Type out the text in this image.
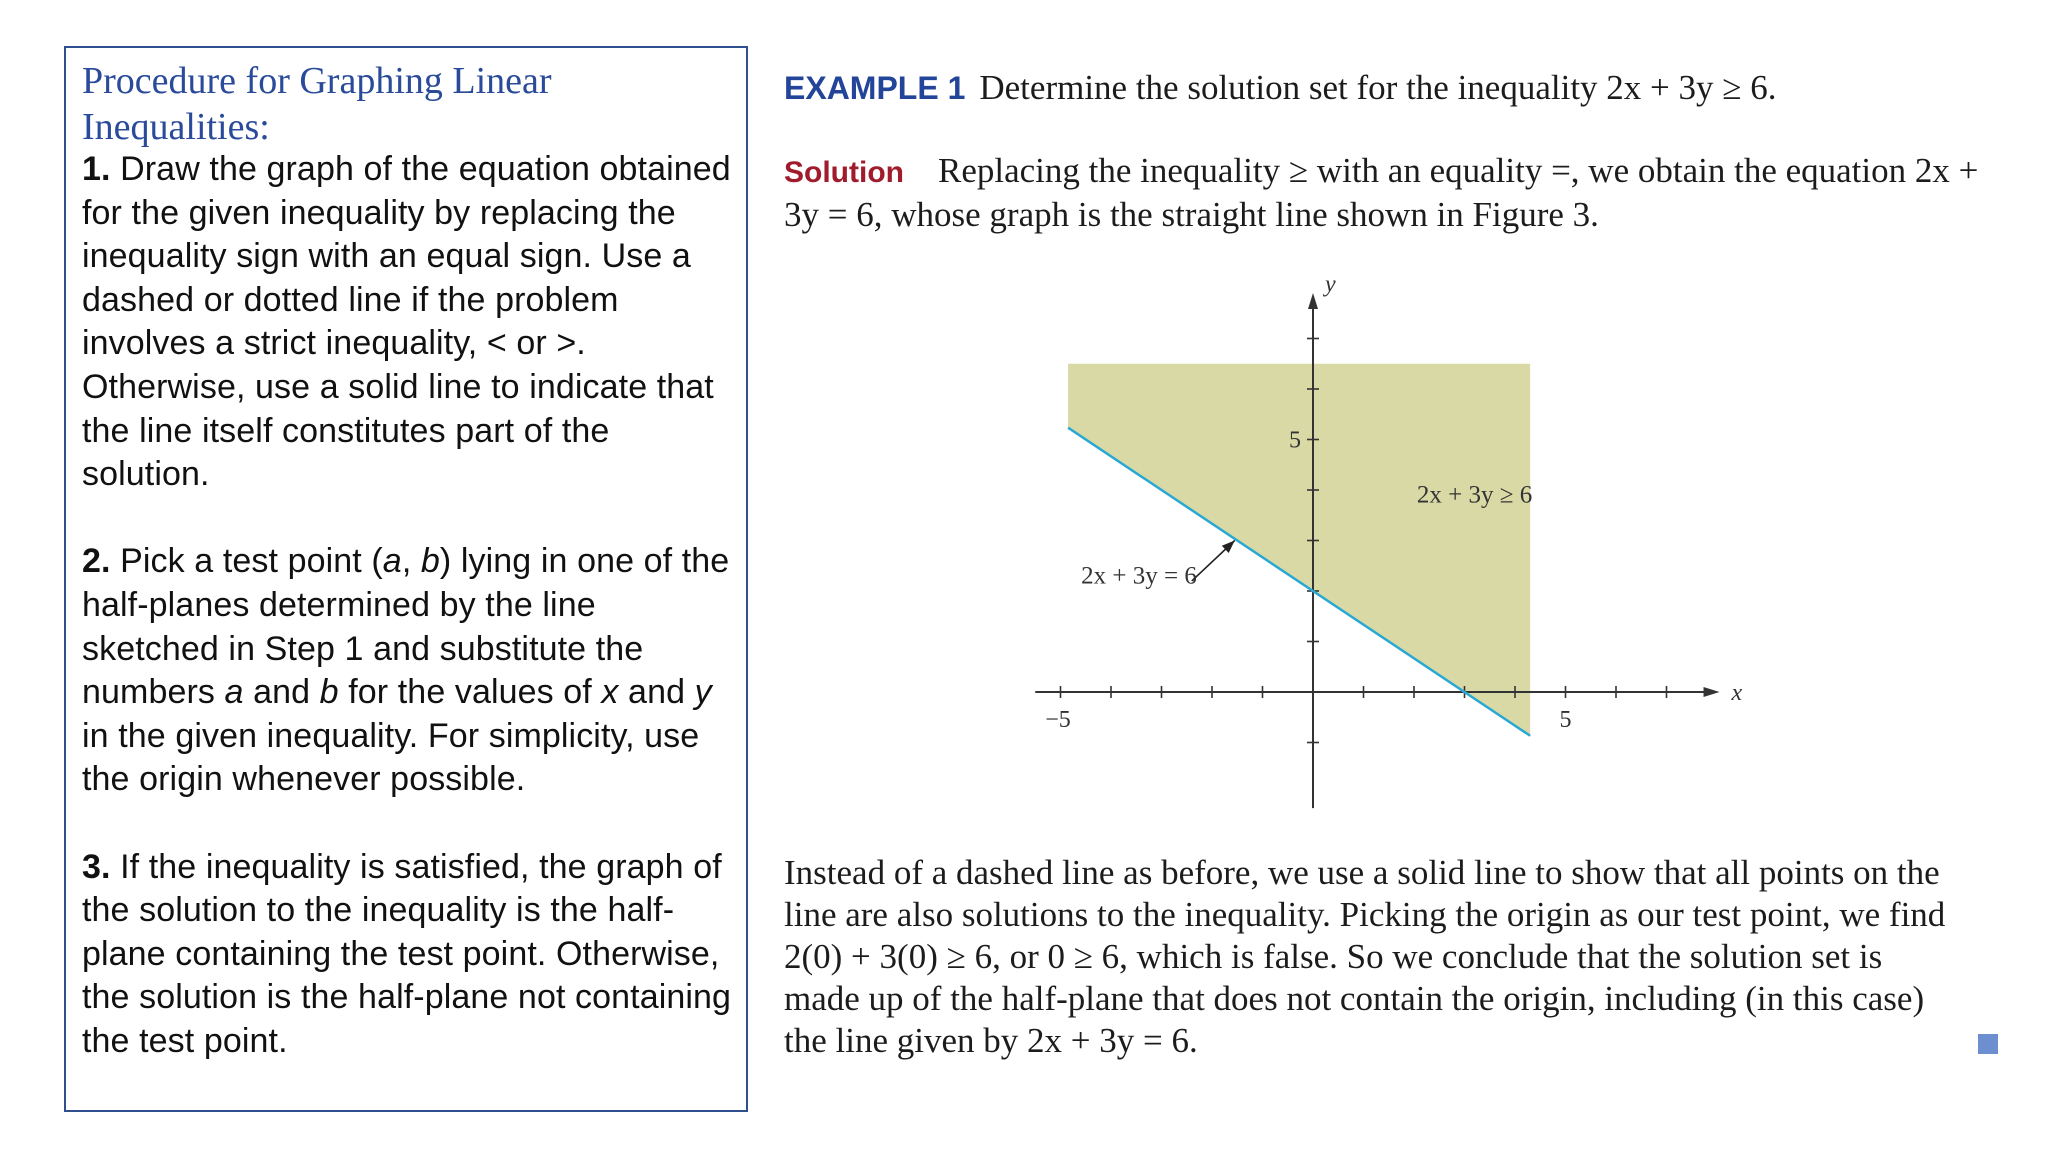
Procedure for Graphing Linear Inequalities:
1. Draw the graph of the equation obtained for the given inequality by replacing the inequality sign with an equal sign. Use a dashed or dotted line if the problem involves a strict inequality, < or >. Otherwise, use a solid line to indicate that the line itself constitutes part of the solution.
2. Pick a test point (a, b) lying in one of the half-planes determined by the line sketched in Step 1 and substitute the numbers a and b for the values of x and y in the given inequality. For simplicity, use the origin whenever possible.
3. If the inequality is satisfied, the graph of the solution to the inequality is the half-plane containing the test point. Otherwise, the solution is the half-plane not containing the test point.
EXAMPLE 1 Determine the solution set for the inequality 2x + 3y ≥ 6.
Solution Replacing the inequality ≥ with an equality =, we obtain the equation 2x + 3y = 6, whose graph is the straight line shown in Figure 3.
Instead of a dashed line as before, we use a solid line to show that all points on the
line are also solutions to the inequality. Picking the origin as our test point, we find
2(0) + 3(0) ≥ 6, or 0 ≥ 6, which is false. So we conclude that the solution set is
made up of the half-plane that does not contain the origin, including (in this case)
the line given by 2x + 3y = 6.
x
y
−5	5
5
2x + 3y = 6
2x + 3y ≥ 6
